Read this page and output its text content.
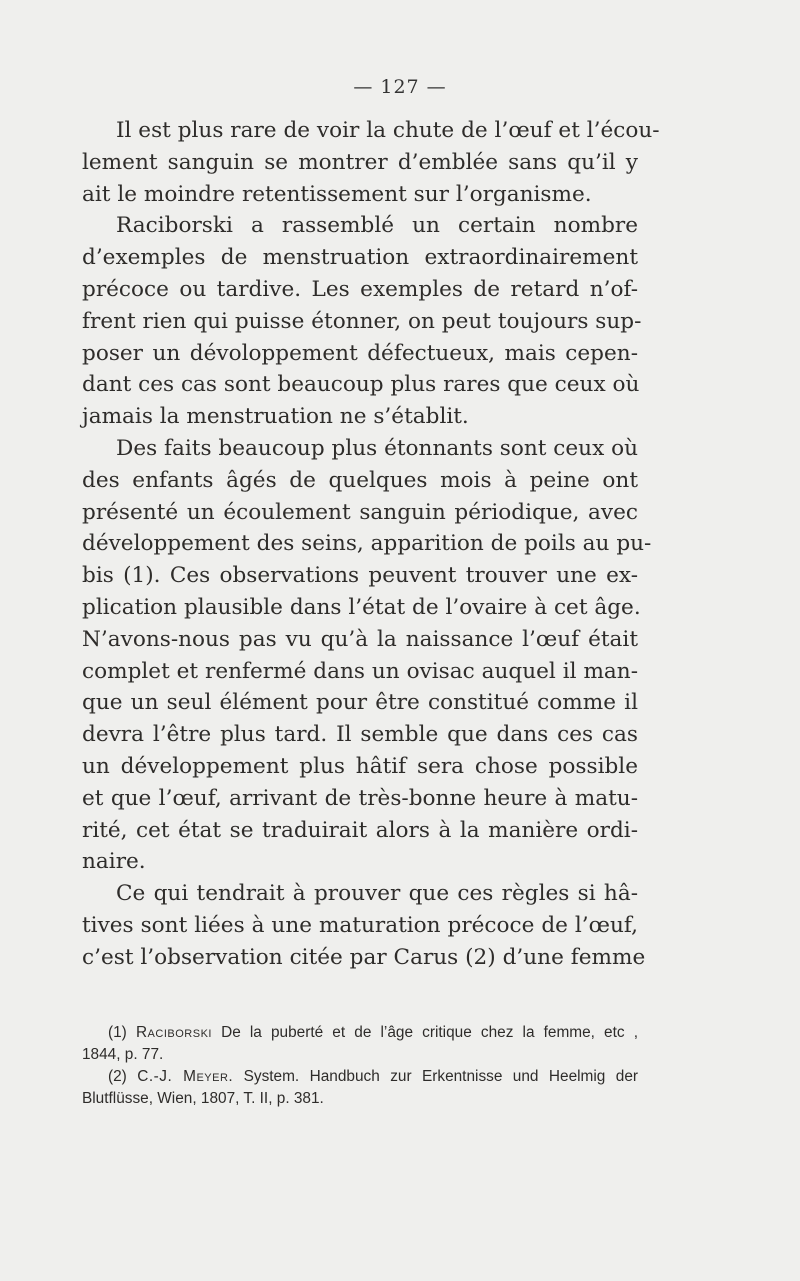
— 127 —
Il est plus rare de voir la chute de l’œuf et l’écou-
lement sanguin se montrer d’emblée sans qu’il y
ait le moindre retentissement sur l’organisme.
Raciborski a rassemblé un certain nombre
d’exemples de menstruation extraordinairement
précoce ou tardive. Les exemples de retard n’of-
frent rien qui puisse étonner, on peut toujours sup-
poser un dévoloppement défectueux, mais cepen-
dant ces cas sont beaucoup plus rares que ceux où
jamais la menstruation ne s’établit.
Des faits beaucoup plus étonnants sont ceux où
des enfants âgés de quelques mois à peine ont
présenté un écoulement sanguin périodique, avec
développement des seins, apparition de poils au pu-
bis (1). Ces observations peuvent trouver une ex-
plication plausible dans l’état de l’ovaire à cet âge.
N’avons-nous pas vu qu’à la naissance l’œuf était
complet et renfermé dans un ovisac auquel il man-
que un seul élément pour être constitué comme il
devra l’être plus tard. Il semble que dans ces cas
un développement plus hâtif sera chose possible
et que l’œuf, arrivant de très-bonne heure à matu-
rité, cet état se traduirait alors à la manière ordi-
naire.
Ce qui tendrait à prouver que ces règles si hâ-
tives sont liées à une maturation précoce de l’œuf,
c’est l’observation citée par Carus (2) d’une femme
(1) Raciborski De la puberté et de l’âge critique chez la femme, etc ,
1844, p. 77.
(2) C.-J. Meyer. System. Handbuch zur Erkentnisse und Heelmig der
Blutflüsse, Wien, 1807, T. II, p. 381.
